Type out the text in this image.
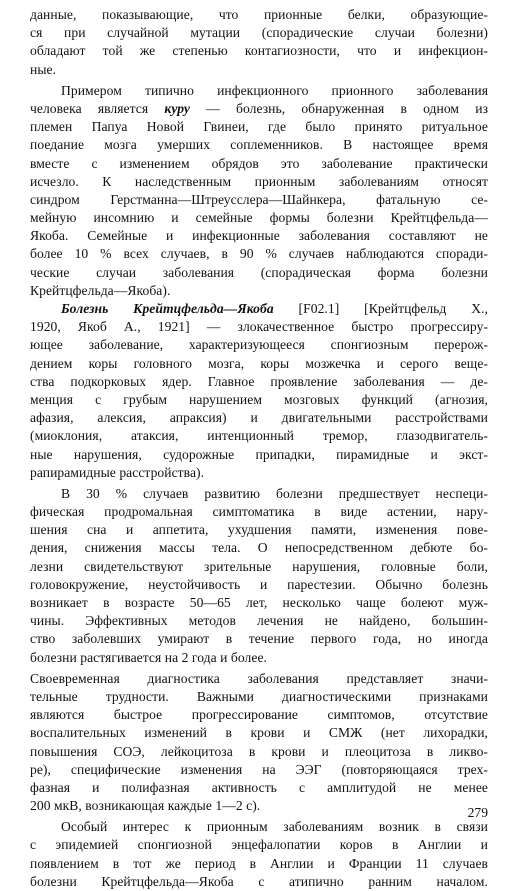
данные, показывающие, что прионные белки, образующие-
ся при случайной мутации (спорадические случаи болезни)
обладают той же степенью контагиозности, что и инфекцион-
ные.
Примером типично инфекционного прионного заболевания
человека является куру — болезнь, обнаруженная в одном из
племен Папуа Новой Гвинеи, где было принято ритуальное
поедание мозга умерших соплеменников. В настоящее время
вместе с изменением обрядов это заболевание практически
исчезло. К наследственным прионным заболеваниям относят
синдром Герстманна—Штреусслера—Шайнкера, фатальную се-
мейную инсомнию и семейные формы болезни Крейтцфельда—
Якоба. Семейные и инфекционные заболевания составляют не
более 10 % всех случаев, в 90 % случаев наблюдаются споради-
ческие случаи заболевания (спорадическая форма болезни
Крейтцфельда—Якоба).
Болезнь Крейтцфельда—Якоба [F02.1] [Крейтцфельд Х.,
1920, Якоб А., 1921] — злокачественное быстро прогрессиру-
ющее заболевание, характеризующееся спонгиозным перерож-
дением коры головного мозга, коры мозжечка и серого веще-
ства подкорковых ядер. Главное проявление заболевания — де-
менция с грубым нарушением мозговых функций (агнозия,
афазия, алексия, апраксия) и двигательными расстройствами
(миоклония, атаксия, интенционный тремор, глазодвигатель-
ные нарушения, судорожные припадки, пирамидные и экст-
рапирамидные расстройства).
В 30 % случаев развитию болезни предшествует неспеци-
фическая продромальная симптоматика в виде астении, нару-
шения сна и аппетита, ухудшения памяти, изменения пове-
дения, снижения массы тела. О непосредственном дебюте бо-
лезни свидетельствуют зрительные нарушения, головные боли,
головокружение, неустойчивость и парестезии. Обычно болезнь
возникает в возрасте 50—65 лет, несколько чаще болеют муж-
чины. Эффективных методов лечения не найдено, большин-
ство заболевших умирают в течение первого года, но иногда
болезни растягивается на 2 года и более.
Своевременная диагностика заболевания представляет значи-
тельные трудности. Важными диагностическими признаками
являются быстрое прогрессирование симптомов, отсутствие
воспалительных изменений в крови и СМЖ (нет лихорадки,
повышения СОЭ, лейкоцитоза в крови и плеоцитоза в ликво-
ре), специфические изменения на ЭЭГ (повторяющаяся трех-
фазная и полифазная активность с амплитудой не менее
200 мкВ, возникающая каждые 1—2 с).
Особый интерес к прионным заболеваниям возник в связи
с эпидемией спонгиозной энцефалопатии коров в Англии и
появлением в тот же период в Англии и Франции 11 случаев
болезни Крейтцфельда—Якоба с атипично ранним началом.
279
